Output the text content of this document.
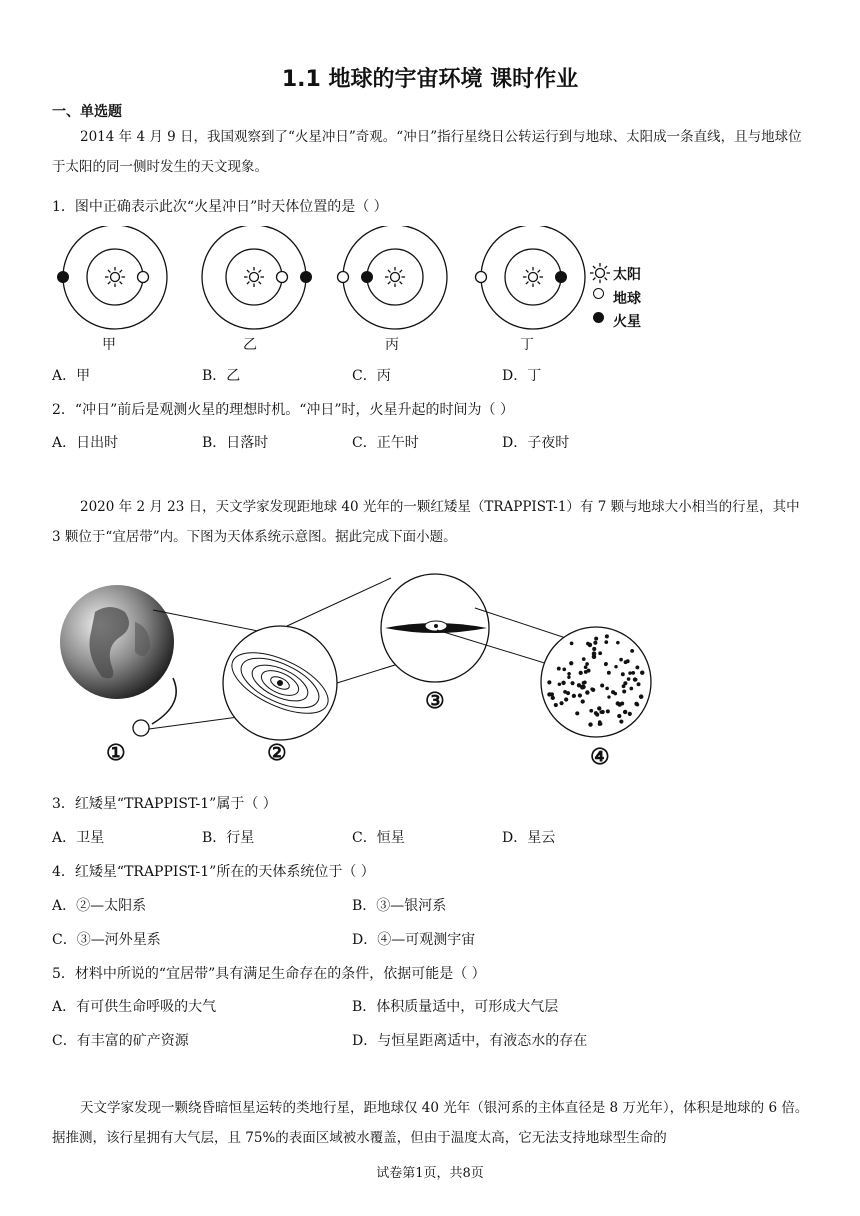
1.1 地球的宇宙环境 课时作业
一、单选题
2014 年 4 月 9 日，我国观察到了“火星冲日”奇观。“冲日”指行星绕日公转运行到与地球、太阳成一条直线，且与地球位于太阳的同一侧时发生的天文现象。
1．图中正确表示此次“火星冲日”时天体位置的是（ ）
太阳
地球
火星
甲	乙	丙	丁
A．甲	B．乙	C．丙	D．丁
2．“冲日”前后是观测火星的理想时机。“冲日”时，火星升起的时间为（ ）
A．日出时	B．日落时	C．正午时	D．子夜时
2020 年 2 月 23 日，天文学家发现距地球 40 光年的一颗红矮星（TRAPPIST-1）有 7 颗与地球大小相当的行星，其中 3 颗位于“宜居带”内。下图为天体系统示意图。据此完成下面小题。
①	②
③
④
3．红矮星“TRAPPIST-1”属于（ ）
A．卫星	B．行星	C．恒星	D．星云
4．红矮星“TRAPPIST-1”所在的天体系统位于（ ）
A．②—太阳系	B．③—银河系
C．③—河外星系	D．④—可观测宇宙
5．材料中所说的“宜居带”具有满足生命存在的条件，依据可能是（ ）
A．有可供生命呼吸的大气	B．体积质量适中，可形成大气层
C．有丰富的矿产资源	D．与恒星距离适中，有液态水的存在
天文学家发现一颗绕昏暗恒星运转的类地行星，距地球仅 40 光年（银河系的主体直径是 8 万光年），体积是地球的 6 倍。据推测，该行星拥有大气层，且 75%的表面区域被水覆盖，但由于温度太高，它无法支持地球型生命的
试卷第1页，共8页
